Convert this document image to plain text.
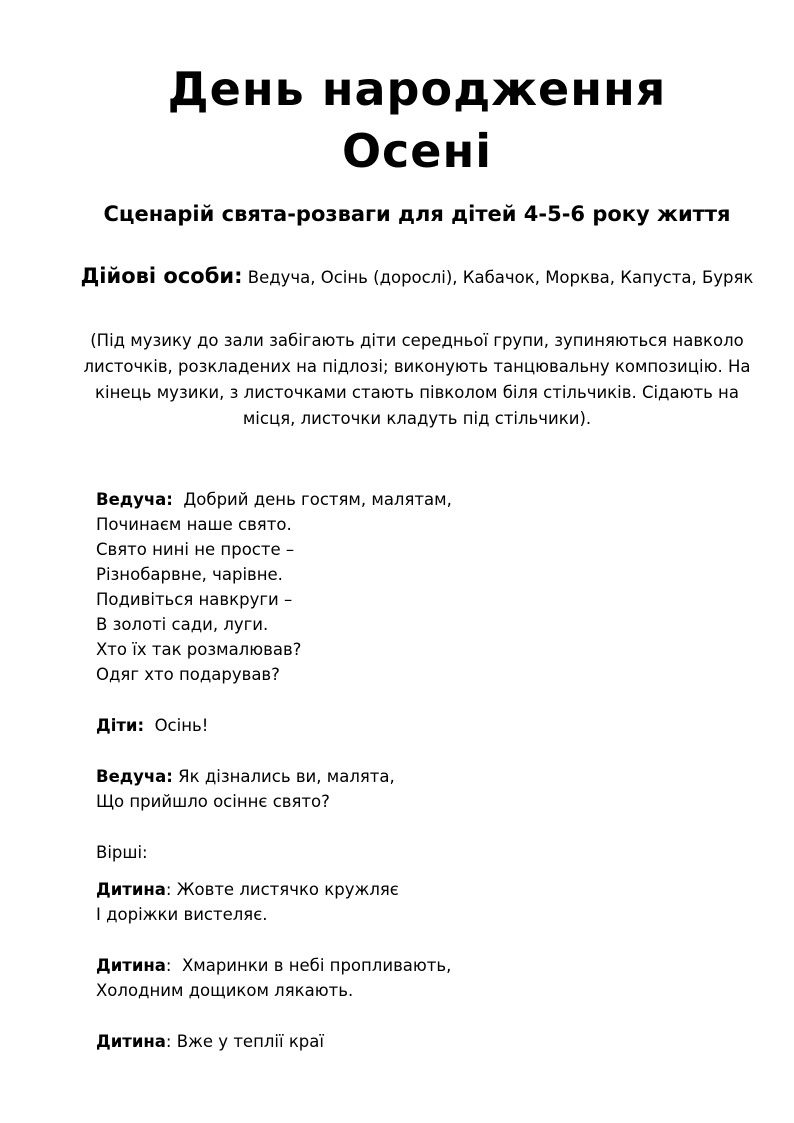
День народження
Осені
Сценарій свята-розваги для дітей 4-5-6 року життя
Дійові особи: Ведуча, Осінь (дорослі), Кабачок, Морква, Капуста, Буряк
(Під музику до зали забігають діти середньої групи, зупиняються навколо листочків, розкладених на підлозі; виконують танцювальну композицію. На кінець музики, з листочками стають півколом біля стільчиків. Сідають на місця, листочки кладуть під стільчики).
Ведуча:  Добрий день гостям, малятам,
Починаєм наше свято.
Свято нині не просте –
Різнобарвне, чарівне.
Подивіться навкруги –
В золоті сади, луги.
Хто їх так розмалював?
Одяг хто подарував?
Діти:  Осінь!
Ведуча: Як дізнались ви, малята,
Що прийшло осіннє свято?
Вірші:
Дитина: Жовте листячко кружляє
І доріжки вистеляє.
Дитина:  Хмаринки в небі пропливають,
Холодним дощиком лякають.
Дитина: Вже у теплії краї
